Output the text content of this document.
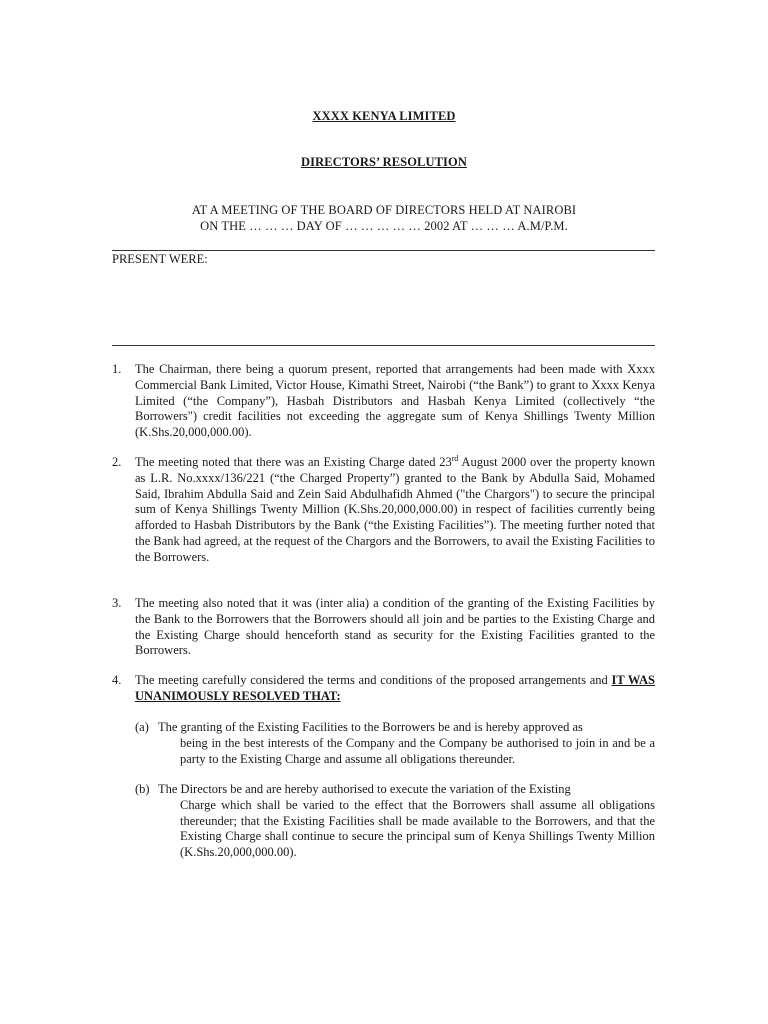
XXXX KENYA LIMITED
DIRECTORS’ RESOLUTION
AT A MEETING OF THE BOARD OF DIRECTORS HELD AT NAIROBI
ON THE … … … DAY OF … … … … … 2002 AT … … … A.M/P.M.
PRESENT WERE:
1. The Chairman, there being a quorum present, reported that arrangements had been made with Xxxx Commercial Bank Limited, Victor House, Kimathi Street, Nairobi (“the Bank”) to grant to Xxxx Kenya Limited (“the Company”), Hasbah Distributors and Hasbah Kenya Limited (collectively “the Borrowers") credit facilities not exceeding the aggregate sum of Kenya Shillings Twenty Million (K.Shs.20,000,000.00).
2. The meeting noted that there was an Existing Charge dated 23rd August 2000 over the property known as L.R. No.xxxx/136/221 (“the Charged Property”) granted to the Bank by Abdulla Said, Mohamed Said, Ibrahim Abdulla Said and Zein Said Abdulhafidh Ahmed ("the Chargors") to secure the principal sum of Kenya Shillings Twenty Million (K.Shs.20,000,000.00) in respect of facilities currently being afforded to Hasbah Distributors by the Bank (“the Existing Facilities”). The meeting further noted that the Bank had agreed, at the request of the Chargors and the Borrowers, to avail the Existing Facilities to the Borrowers.
3. The meeting also noted that it was (inter alia) a condition of the granting of the Existing Facilities by the Bank to the Borrowers that the Borrowers should all join and be parties to the Existing Charge and the Existing Charge should henceforth stand as security for the Existing Facilities granted to the Borrowers.
4. The meeting carefully considered the terms and conditions of the proposed arrangements and IT WAS UNANIMOUSLY RESOLVED THAT:
(a) The granting of the Existing Facilities to the Borrowers be and is hereby approved as
being in the best interests of the Company and the Company be authorised to join in and be a party to the Existing Charge and assume all obligations thereunder.
(b) The Directors be and are hereby authorised to execute the variation of the Existing
Charge which shall be varied to the effect that the Borrowers shall assume all obligations thereunder; that the Existing Facilities shall be made available to the Borrowers, and that the Existing Charge shall continue to secure the principal sum of Kenya Shillings Twenty Million (K.Shs.20,000,000.00).
